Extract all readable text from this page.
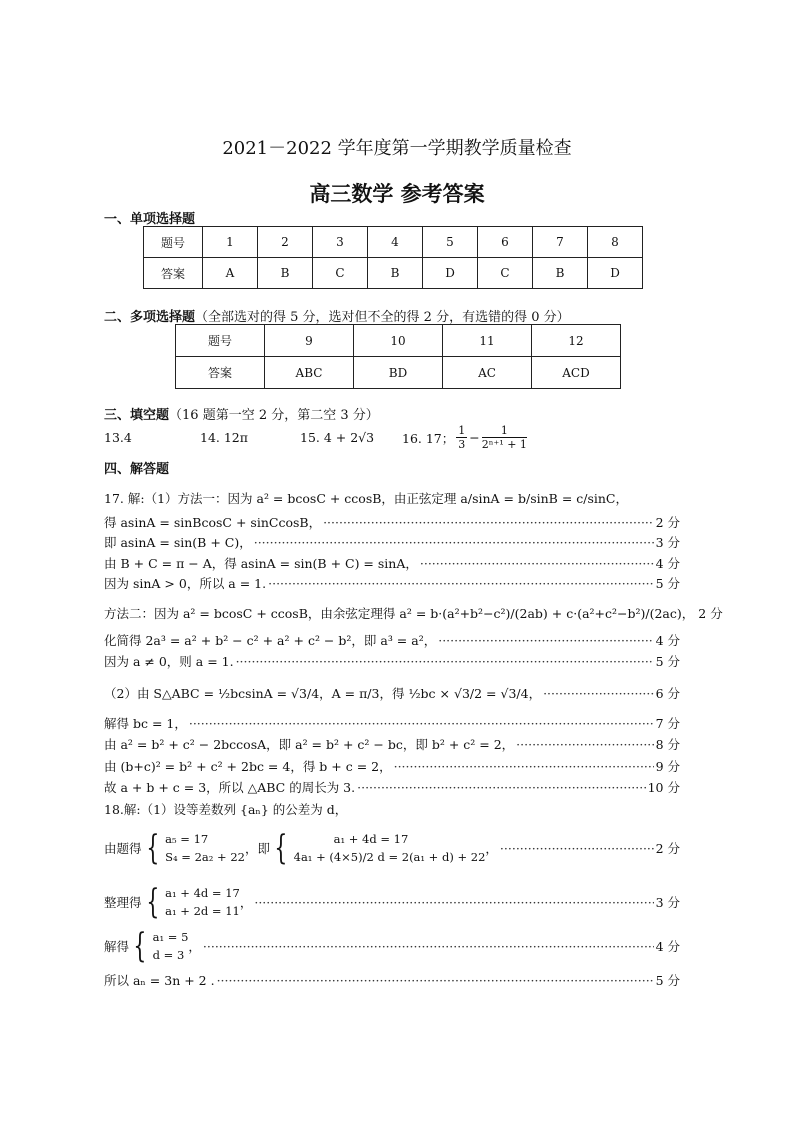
2021－2022 学年度第一学期教学质量检查
高三数学 参考答案
一、单项选择题
题号	1	2	3	4	5	6	7	8
答案	A	B	C	B	D	C	B	D
二、多项选择题（全部选对的得 5 分，选对但不全的得 2 分，有选错的得 0 分）
题号	9	10	11	12
答案	ABC	BD	AC	ACD
三、填空题（16 题第一空 2 分，第二空 3 分）
13.4	14. 12π	15. 4 + 2√3 16. 17； $\frac{1}{3} - \frac{1}{\text{2ⁿ⁺¹ + 1}}$
四、解答题
17. 解:（1）方法一：因为 a² = bcosC + ccosB，由正弦定理 a/sinA = b/sinB = c/sinC，
得 asinA = sinBcosC + sinCcosB， ·····	2 分
即 asinA = sin(B + C)， ·····	3 分
由 B + C = π − A，得 asinA = sin(B + C) = sinA， ·····	4 分
因为 sinA > 0，所以 a = 1. ·····	5 分
方法二：因为 a² = bcosC + ccosB，由余弦定理得 a² = b·(a²+b²−c²)/(2ab) + c·(a²+c²−b²)/(2ac)， 2 分
化简得 2a³ = a² + b² − c² + a² + c² − b²，即 a³ = a²， ·····	4 分
因为 a ≠ 0，则 a = 1. ·····	5 分
（2）由 S△ABC = ½bcsinA = √3/4，A = π/3，得 ½bc × √3/2 = √3/4， ·····	6 分
解得 bc = 1， ·····	7 分
由 a² = b² + c² − 2bccosA，即 a² = b² + c² − bc，即 b² + c² = 2， ·····	8 分
由 (b+c)² = b² + c² + 2bc = 4，得 b + c = 2， ·····	9 分
故 a + b + c = 3，所以 △ABC 的周长为 3. ·····	10 分
18.解:（1）设等差数列 {aₙ} 的公差为 d，
由题得 { a₅ = 17
S₄ = 2a₂ + 22
，即 {	a₁ + 4d = 17
4a₁ + (4×5)/2 d = 2(a₁ + d) + 22
， ·····	2 分
整理得 { a₁ + 4d = 17
a₁ + 2d = 11
， ·····	3 分
解得 { a₁ = 5
d = 3
， ·····	4 分
所以 aₙ = 3n + 2 . ·····	5 分
